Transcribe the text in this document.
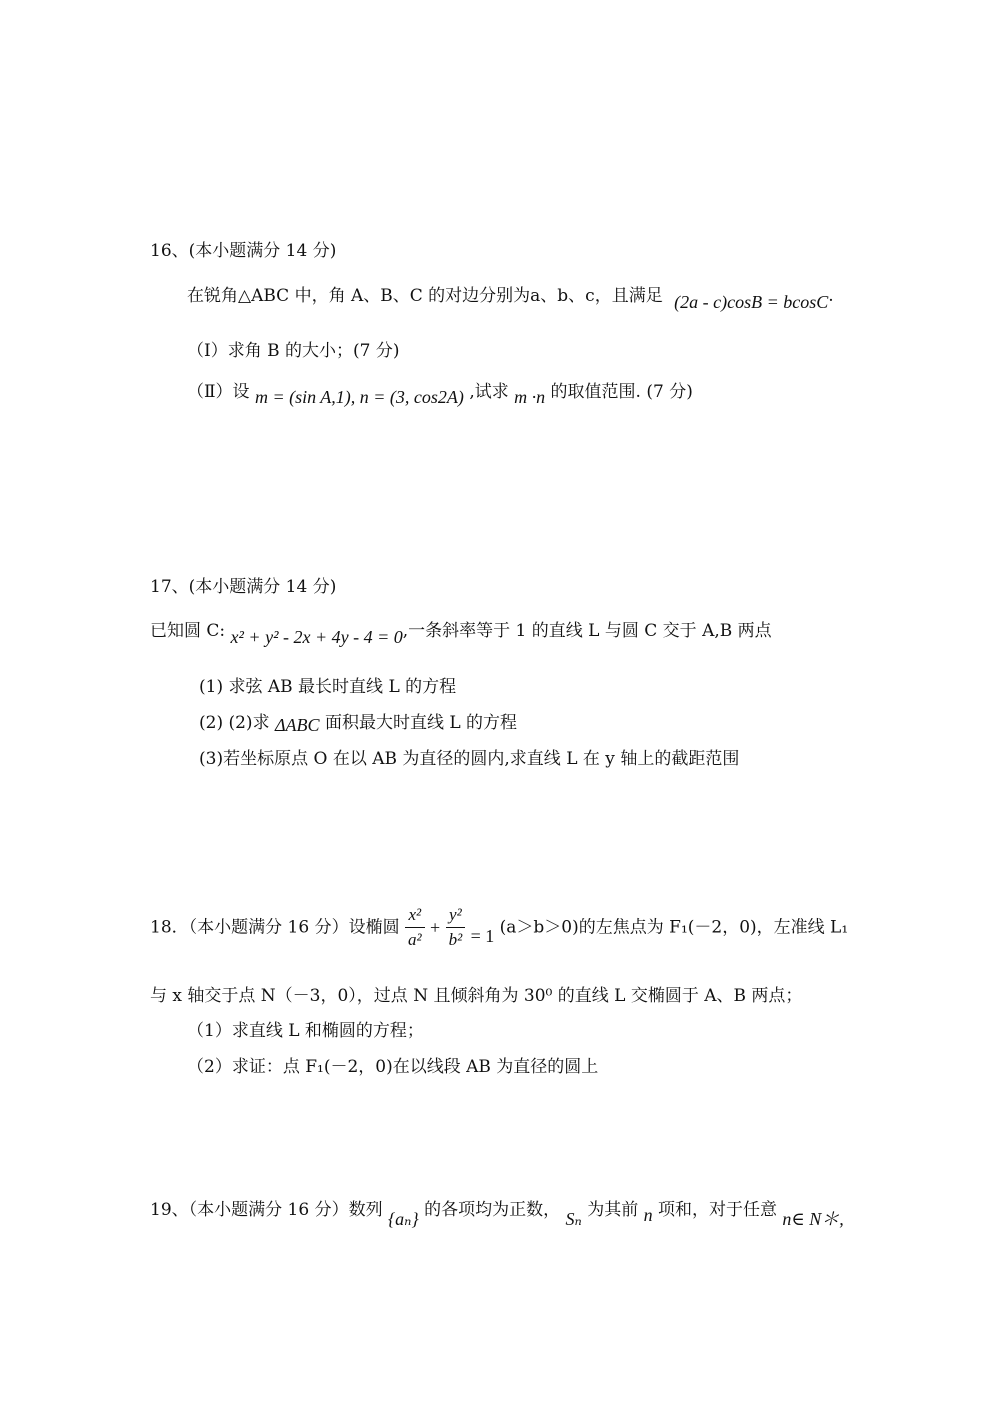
16、(本小题满分 14 分)
在锐角△ABC 中，角 A、B、C 的对边分别为a、b、c，且满足 (2a - c)cosB = bcosC.
（Ⅰ）求角 B 的大小；(7 分)
（Ⅱ）设 m = (sin A,1), n = (3, cos2A) ,试求 m ·n 的取值范围. (7 分)
17、(本小题满分 14 分)
已知圆 C: x² + y² - 2x + 4y - 4 = 0,一条斜率等于 1 的直线 L 与圆 C 交于 A,B 两点
(1) 求弦 AB 最长时直线 L 的方程
(2) (2)求 ΔABC 面积最大时直线 L 的方程
(3)若坐标原点 O 在以 AB 为直径的圆内,求直线 L 在 y 轴上的截距范围
18．（本小题满分 16 分）设椭圆 $\frac{\text{x²}}{\text{a²}} + \frac{\text{y²}}{\text{b²}} = 1$ (a＞b＞0)的左焦点为 F₁(－2，0)，左准线 L₁
与 x 轴交于点 N（－3，0），过点 N 且倾斜角为 30⁰ 的直线 L 交椭圆于 A、B 两点；
（1）求直线 L 和椭圆的方程；
（2）求证：点 F₁(－2，0)在以线段 AB 为直径的圆上
19、（本小题满分 16 分）数列 {aₙ} 的各项均为正数， Sₙ 为其前 n 项和，对于任意 n∈ N＊,
